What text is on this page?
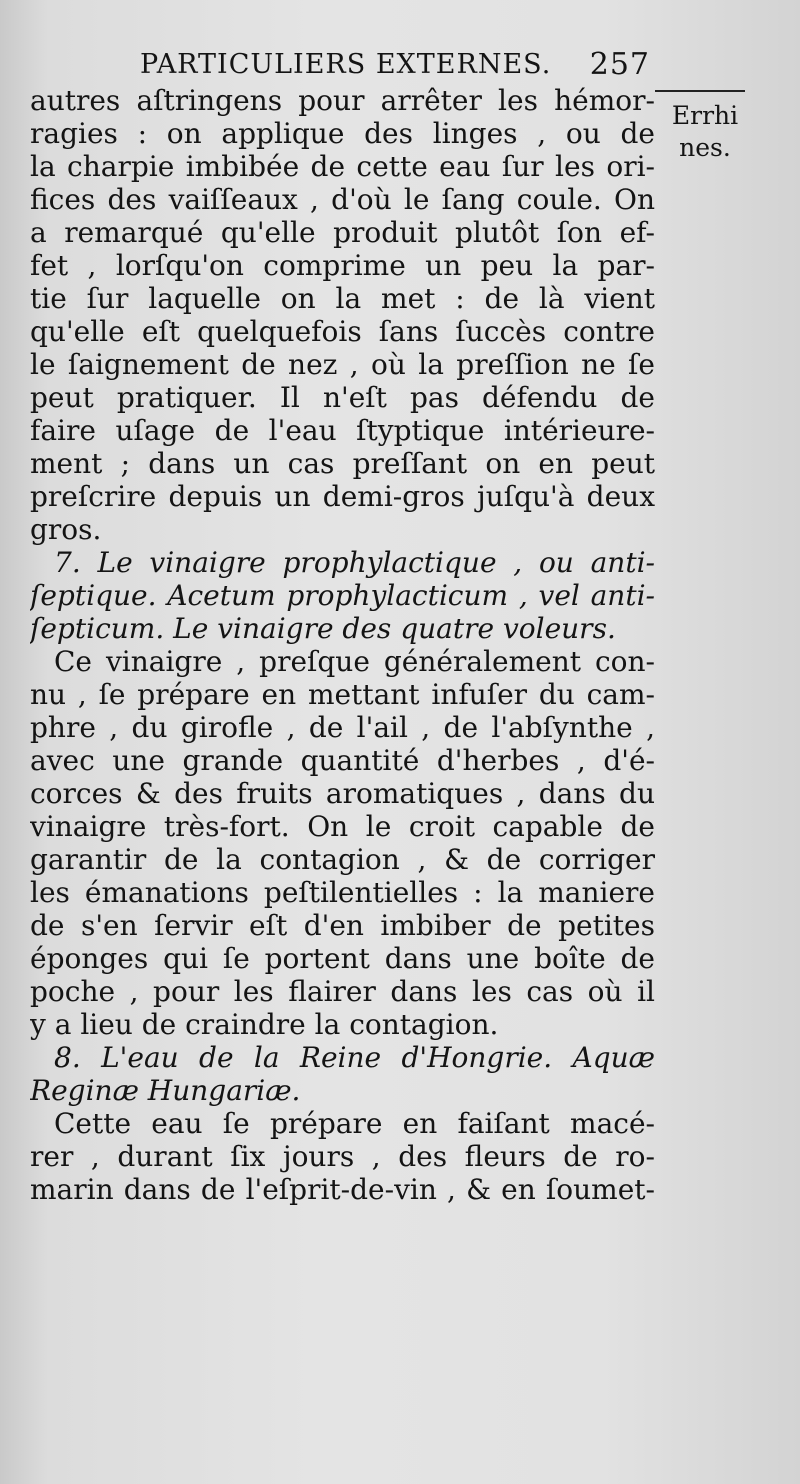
PARTICULIERS EXTERNES. 257
Errhi
nes.
autres aſtringens pour arrêter les hémor-
ragies : on applique des linges , ou de
la charpie imbibée de cette eau ſur les ori-
fices des vaiſſeaux , d'où le ſang coule. On
a remarqué qu'elle produit plutôt ſon ef-
fet , lorſqu'on comprime un peu la par-
tie ſur laquelle on la met : de là vient
qu'elle eſt quelquefois ſans ſuccès contre
le ſaignement de nez , où la preſſion ne ſe
peut pratiquer. Il n'eſt pas défendu de
faire uſage de l'eau ſtyptique intérieure-
ment ; dans un cas preſſant on en peut
preſcrire depuis un demi-gros juſqu'à deux
gros.
7. Le vinaigre prophylactique , ou anti-
ſeptique. Acetum prophylacticum , vel anti-
ſepticum. Le vinaigre des quatre voleurs.
Ce vinaigre , preſque généralement con-
nu , ſe prépare en mettant infuſer du cam-
phre , du girofle , de l'ail , de l'abſynthe ,
avec une grande quantité d'herbes , d'é-
corces & des fruits aromatiques , dans du
vinaigre très-fort. On le croit capable de
garantir de la contagion , & de corriger
les émanations peſtilentielles : la maniere
de s'en ſervir eſt d'en imbiber de petites
éponges qui ſe portent dans une boîte de
poche , pour les flairer dans les cas où il
y a lieu de craindre la contagion.
8. L'eau de la Reine d'Hongrie. Aquæ
Reginæ Hungariæ.
Cette eau ſe prépare en faiſant macé-
rer , durant ſix jours , des fleurs de ro-
marin dans de l'eſprit-de-vin , & en ſoumet-
